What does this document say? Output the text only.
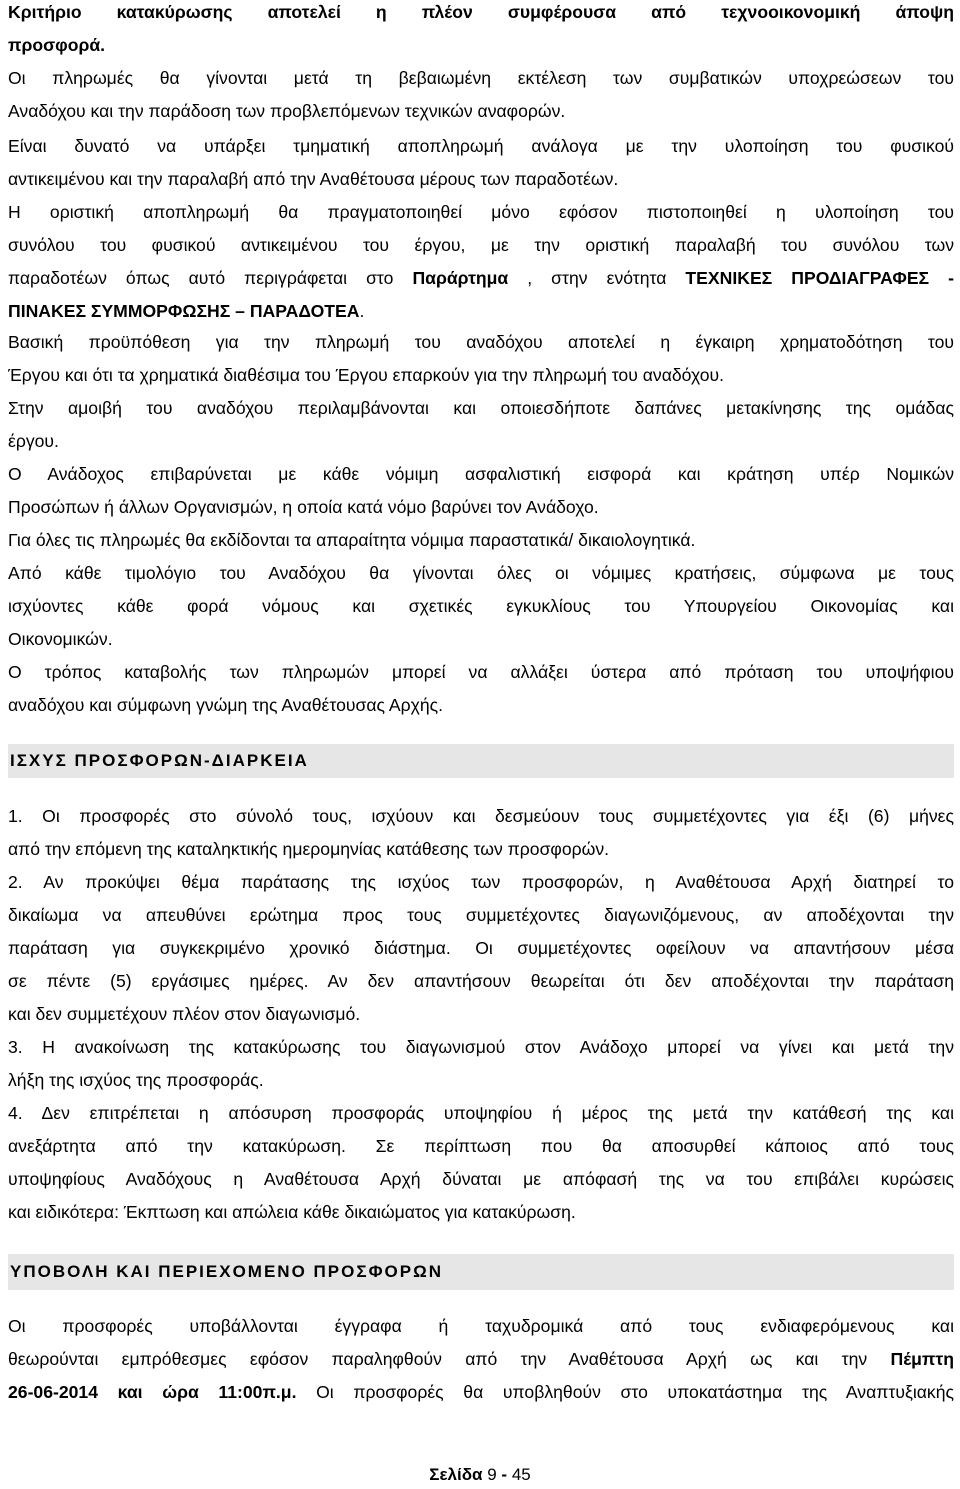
Κριτήριο κατακύρωσης αποτελεί η πλέον συμφέρουσα από τεχνοοικονομική άποψη
προσφορά.
Οι πληρωμές θα γίνονται μετά τη βεβαιωμένη εκτέλεση των συμβατικών υποχρεώσεων του
Αναδόχου και την παράδοση των προβλεπόμενων τεχνικών αναφορών.
Είναι δυνατό να υπάρξει τμηματική αποπληρωμή ανάλογα με την υλοποίηση του φυσικού
αντικειμένου και την παραλαβή από την Αναθέτουσα μέρους των παραδοτέων.
Η οριστική αποπληρωμή θα πραγματοποιηθεί μόνο εφόσον πιστοποιηθεί η υλοποίηση του
συνόλου του φυσικού αντικειμένου του έργου, με την οριστική παραλαβή του συνόλου των
παραδοτέων όπως αυτό περιγράφεται στο Παράρτημα , στην ενότητα ΤΕΧΝΙΚΕΣ ΠΡΟΔΙΑΓΡΑΦΕΣ -
ΠΙΝΑΚΕΣ ΣΥΜΜΟΡΦΩΣΗΣ – ΠΑΡΑΔΟΤΕΑ.
Βασική προϋπόθεση για την πληρωμή του αναδόχου αποτελεί η έγκαιρη χρηματοδότηση του
Έργου και ότι τα χρηματικά διαθέσιμα του Έργου επαρκούν για την πληρωμή του αναδόχου.
Στην αμοιβή του αναδόχου περιλαμβάνονται και οποιεσδήποτε δαπάνες μετακίνησης της ομάδας
έργου.
Ο Ανάδοχος επιβαρύνεται με κάθε νόμιμη ασφαλιστική εισφορά και κράτηση υπέρ Νομικών
Προσώπων ή άλλων Οργανισμών, η οποία κατά νόμο βαρύνει τον Ανάδοχο.
Για όλες τις πληρωμές θα εκδίδονται τα απαραίτητα νόμιμα παραστατικά/ δικαιολογητικά.
Από κάθε τιμολόγιο του Αναδόχου θα γίνονται όλες οι νόμιμες κρατήσεις, σύμφωνα με τους
ισχύοντες κάθε φορά νόμους και σχετικές εγκυκλίους του Υπουργείου Οικονομίας και
Οικονομικών.
Ο τρόπος καταβολής των πληρωμών μπορεί να αλλάξει ύστερα από πρόταση του υποψήφιου
αναδόχου και σύμφωνη γνώμη της Αναθέτουσας Αρχής.
ΙΣΧΥΣ ΠΡΟΣΦΟΡΩΝ-ΔΙΑΡΚΕΙΑ
1. Οι προσφορές στο σύνολό τους, ισχύουν και δεσμεύουν τους συμμετέχοντες για έξι (6) μήνες
από την επόμενη της καταληκτικής ημερομηνίας κατάθεσης των προσφορών.
2. Αν προκύψει θέμα παράτασης της ισχύος των προσφορών, η Αναθέτουσα Αρχή διατηρεί το
δικαίωμα να απευθύνει ερώτημα προς τους συμμετέχοντες διαγωνιζόμενους, αν αποδέχονται την
παράταση για συγκεκριμένο χρονικό διάστημα. Οι συμμετέχοντες οφείλουν να απαντήσουν μέσα
σε πέντε (5) εργάσιμες ημέρες. Αν δεν απαντήσουν θεωρείται ότι δεν αποδέχονται την παράταση
και δεν συμμετέχουν πλέον στον διαγωνισμό.
3. Η ανακοίνωση της κατακύρωσης του διαγωνισμού στον Ανάδοχο μπορεί να γίνει και μετά την
λήξη της ισχύος της προσφοράς.
4. Δεν επιτρέπεται η απόσυρση προσφοράς υποψηφίου ή μέρος της μετά την κατάθεσή της και
ανεξάρτητα από την κατακύρωση. Σε περίπτωση που θα αποσυρθεί κάποιος από τους
υποψηφίους Αναδόχους η Αναθέτουσα Αρχή δύναται με απόφασή της να του επιβάλει κυρώσεις
και ειδικότερα: Έκπτωση και απώλεια κάθε δικαιώματος για κατακύρωση.
ΥΠΟΒΟΛΗ ΚΑΙ ΠΕΡΙΕΧΟΜΕΝΟ ΠΡΟΣΦΟΡΩΝ
Οι προσφορές υποβάλλονται έγγραφα ή ταχυδρομικά από τους ενδιαφερόμενους και
θεωρούνται εμπρόθεσμες εφόσον παραληφθούν από την Αναθέτουσα Αρχή ως και την Πέμπτη
26-06-2014 και ώρα 11:00π.μ. Οι προσφορές θα υποβληθούν στο υποκατάστημα της Αναπτυξιακής
Σελίδα 9 - 45
